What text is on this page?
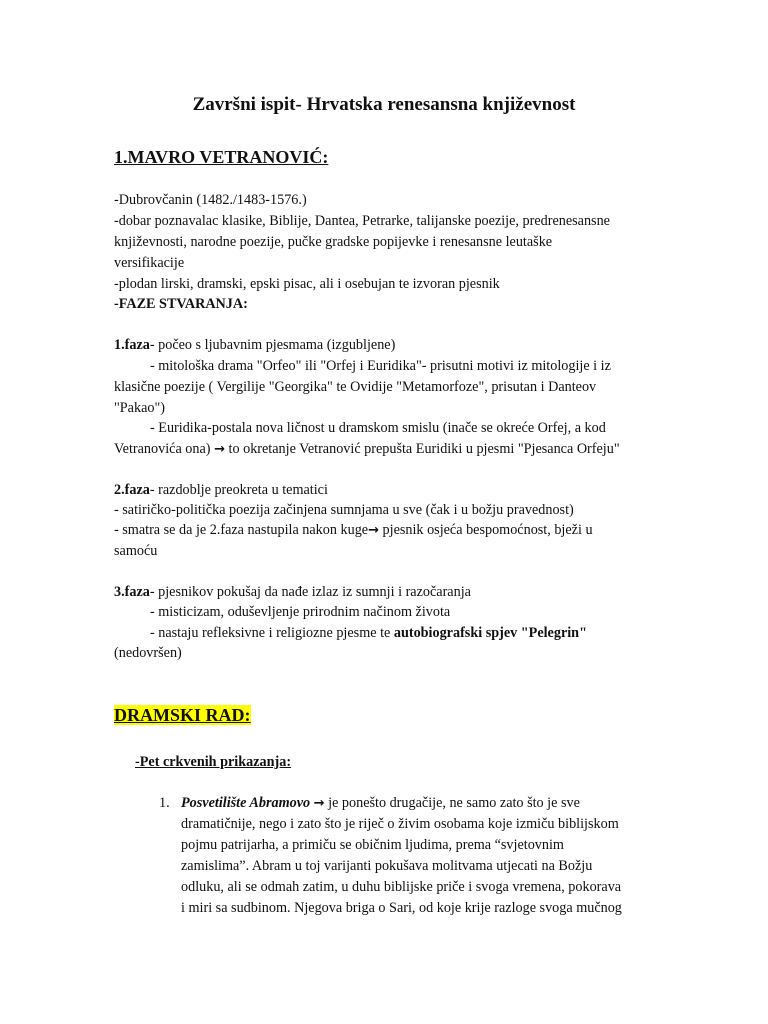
Završni ispit- Hrvatska renesansna književnost
1.MAVRO VETRANOVIĆ:
-Dubrovčanin (1482./1483-1576.)
-dobar poznavalac klasike, Biblije, Dantea, Petrarke, talijanske poezije, predrenesansne
književnosti, narodne poezije, pučke gradske popijevke i renesansne leutaške
versifikacije
-plodan lirski, dramski, epski pisac, ali i osebujan te izvoran pjesnik
-FAZE STVARANJA:
1.faza- počeo s ljubavnim pjesmama (izgubljene)
- mitološka drama "Orfeo" ili "Orfej i Euridika"- prisutni motivi iz mitologije i iz
klasične poezije ( Vergilije "Georgika" te Ovidije "Metamorfoze", prisutan i Danteov
"Pakao")
- Euridika-postala nova ličnost u dramskom smislu (inače se okreće Orfej, a kod
Vetranovića ona) → to okretanje Vetranović prepušta Euridiki u pjesmi "Pjesanca Orfeju"
2.faza- razdoblje preokreta u tematici
- satiričko-politička poezija začinjena sumnjama u sve (čak i u božju pravednost)
- smatra se da je 2.faza nastupila nakon kuge→ pjesnik osjeća bespomoćnost, bježi u
samoću
3.faza- pjesnikov pokušaj da nađe izlaz iz sumnji i razočaranja
- misticizam, oduševljenje prirodnim načinom života
- nastaju refleksivne i religiozne pjesme te autobiografski spjev "Pelegrin"
(nedovršen)
DRAMSKI RAD:
-Pet crkvenih prikazanja:
1. Posvetilište Abramovo → je ponešto drugačije, ne samo zato što je sve
dramatičnije, nego i zato što je riječ o živim osobama koje izmiču biblijskom
pojmu patrijarha, a primiču se običnim ljudima, prema “svjetovnim
zamislima”. Abram u toj varijanti pokušava molitvama utjecati na Božju
odluku, ali se odmah zatim, u duhu biblijske priče i svoga vremena, pokorava
i miri sa sudbinom. Njegova briga o Sari, od koje krije razloge svoga mučnog
